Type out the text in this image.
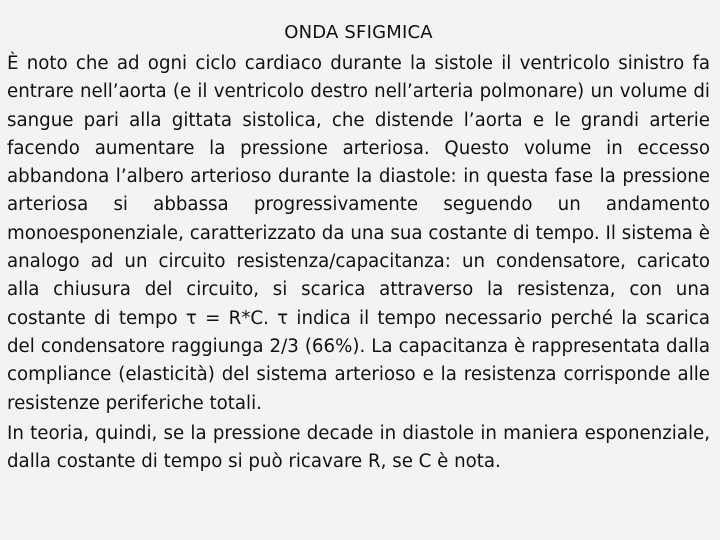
ONDA SFIGMICA

È noto che ad ogni ciclo cardiaco durante la sistole il ventricolo sinistro fa entrare nell’aorta (e il ventricolo destro nell’arteria polmonare) un volume di sangue pari alla gittata sistolica, che distende l’aorta e le grandi arterie facendo aumentare la pressione arteriosa. Questo volume in eccesso abbandona l’albero arterioso durante la diastole: in questa fase la pressione arteriosa si abbassa progressivamente seguendo un andamento monoesponenziale, caratterizzato da una sua costante di tempo. Il sistema è analogo ad un circuito resistenza/capacitanza: un condensatore, caricato alla chiusura del circuito, si scarica attraverso la resistenza, con una costante di tempo τ = R*C. τ indica il tempo necessario perché la scarica del condensatore raggiunga 2/3 (66%). La capacitanza è rappresentata dalla compliance (elasticità) del sistema arterioso e la resistenza corrisponde alle resistenze periferiche totali.

In teoria, quindi, se la pressione decade in diastole in maniera esponenziale, dalla costante di tempo si può ricavare R, se C è nota.
